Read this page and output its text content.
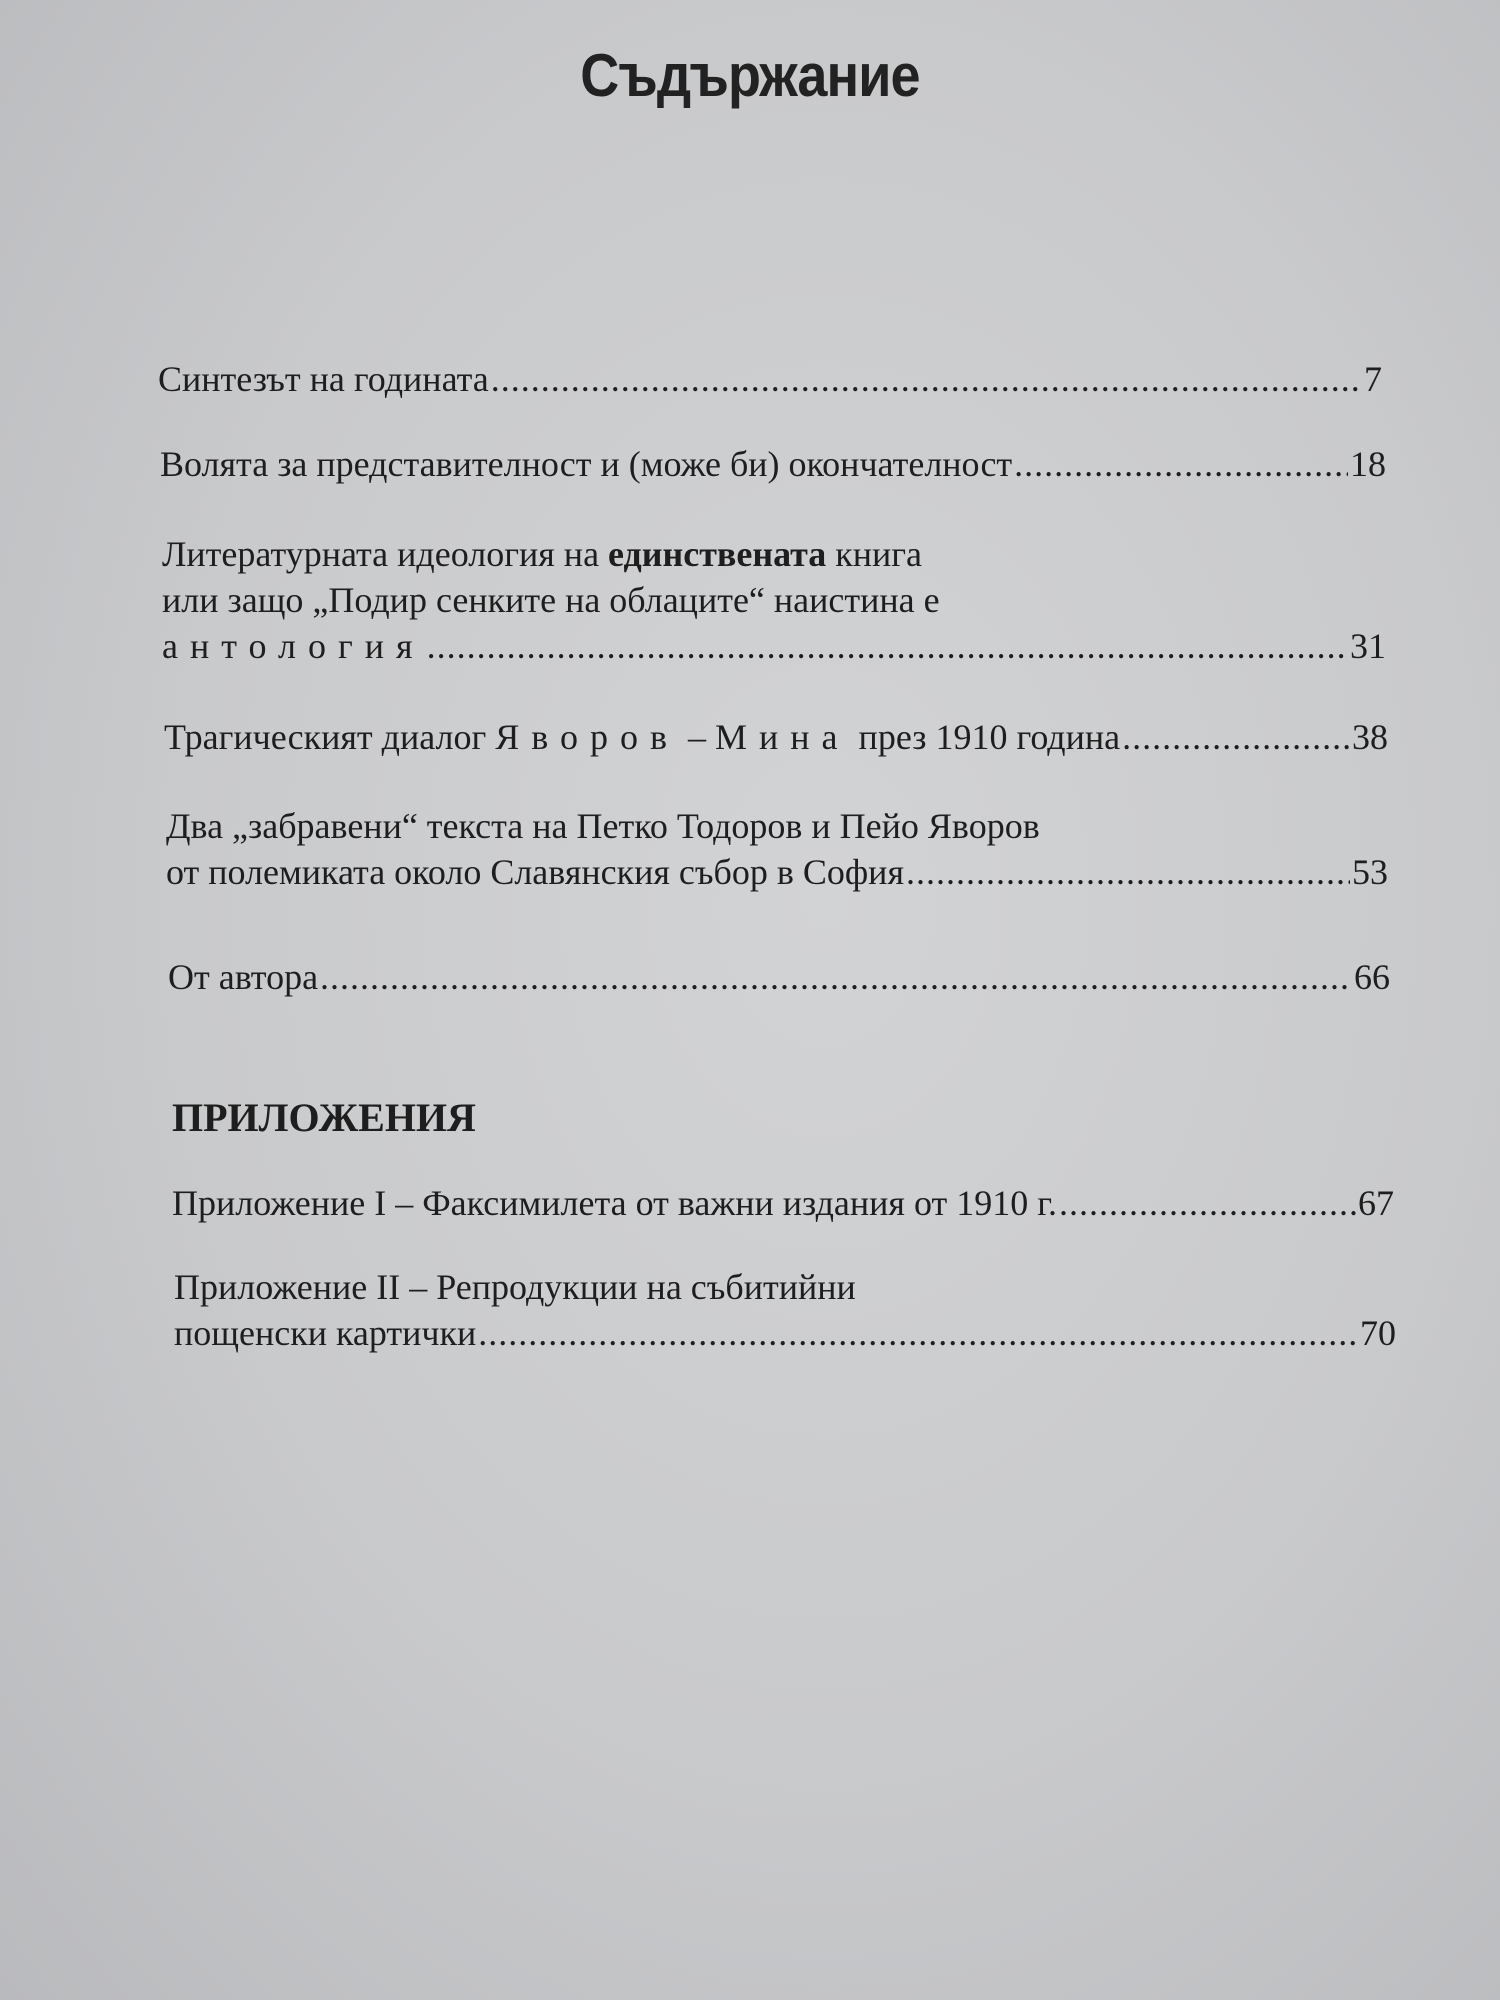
Съдържание
Синтезът на годината .....	7
Волята за представителност и (може би) окончателност .....	18
Литературната идеология на единствената книга
или защо „Подир сенките на облаците“ наистина е
антология .....	31
Трагическият диалог Яворов – Мина през 1910 година .....	38
Два „забравени“ текста на Петко Тодоров и Пейо Яворов
от полемиката около Славянския събор в София .....	53
От автора .....	66
ПРИЛОЖЕНИЯ
Приложение I – Факсимилета от важни издания от 1910 г. .....	67
Приложение II – Репродукции на събитийни
пощенски картички .....	70
